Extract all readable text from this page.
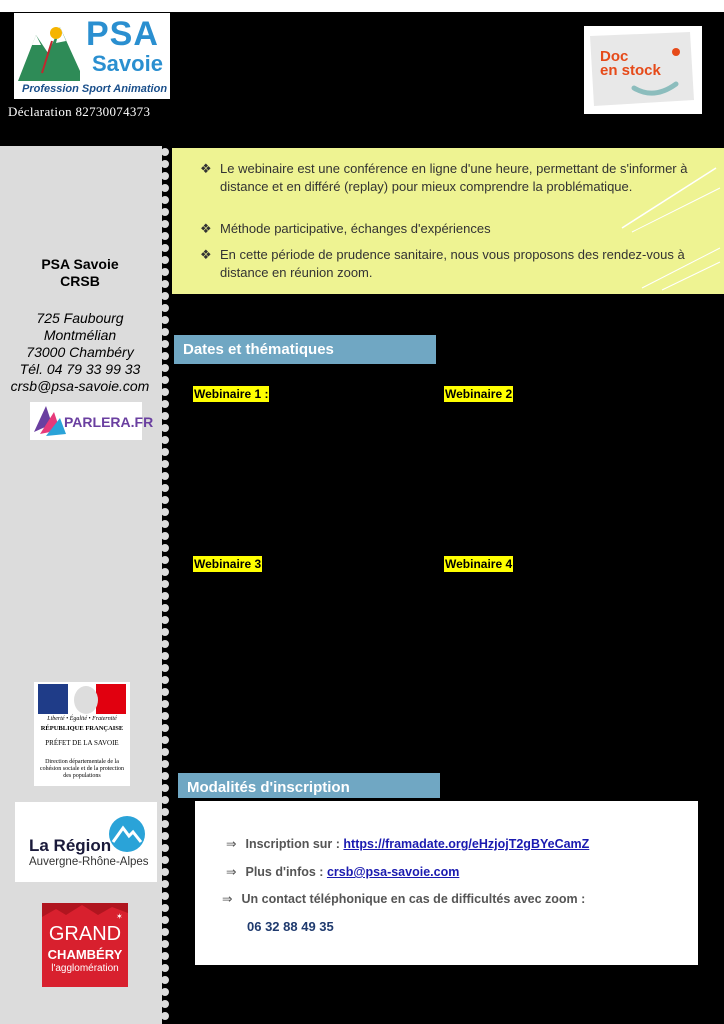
PSA
Savoie
Profession Sport Animation
Déclaration 82730074373
Doc
en stock
PSA Savoie
CRSB
725 Faubourg
Montmélian
73000 Chambéry
Tél. 04 79 33 99 33
crsb@psa-savoie.com
PARLERA.FR
Liberté • Égalité • Fraternité
RÉPUBLIQUE FRANÇAISE
PRÉFET DE LA SAVOIE
Direction départementale de la cohésion sociale et de la protection des populations
La Région
Auvergne-Rhône-Alpes
✶
GRAND
CHAMBÉRY
l'agglomération
❖ Le webinaire est une conférence en ligne d'une heure, permettant de s'informer à distance et en différé (replay) pour mieux comprendre la problématique.
❖ Méthode participative, échanges d'expériences
❖ En cette période de prudence sanitaire, nous vous proposons des rendez-vous à distance en réunion zoom.
Dates et thématiques
Webinaire 1 :	Webinaire 2
Webinaire 3	Webinaire 4
Modalités d'inscription
⇒ Inscription sur : https://framadate.org/eHzjojT2gBYeCamZ
⇒ Plus d'infos : crsb@psa-savoie.com
⇒ Un contact téléphonique en cas de difficultés avec zoom :
06 32 88 49 35
